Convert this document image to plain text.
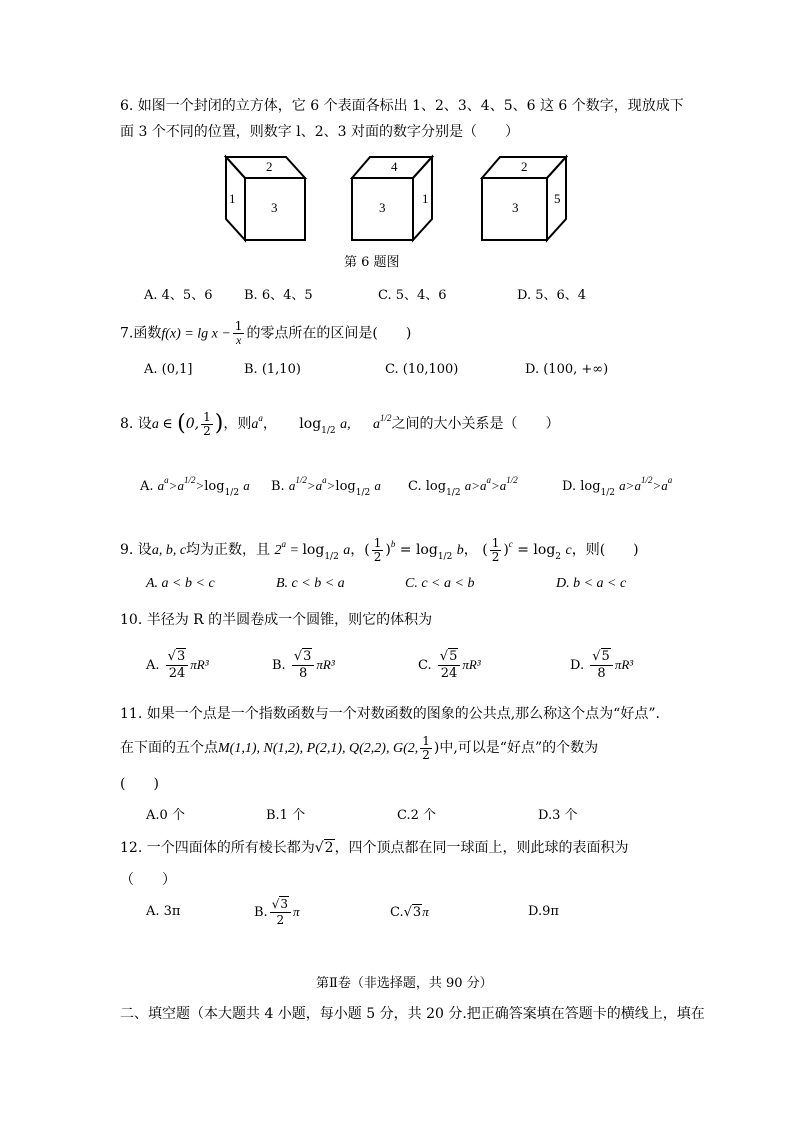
6. 如图一个封闭的立方体，它 6 个表面各标出 1、2、3、4、5、6 这 6 个数字，现放成下
面 3 个不同的位置，则数字 l、2、3 对面的数字分别是（　　）
2
1
3
4
3
1
2
3
5
第 6 题图
A. 4、5、6 B. 6、4、5	C. 5、4、6	D. 5、6、4
7.函数$f(x) = \lg x - \frac{1}{x}$ 的零点所在的区间是(　　)
A. (0,1]	B. (1,10)	C. (10,100)	D. (100, +∞)
8. 设a ∈ (0, $\frac{1}{2}$ )，则$a^a$， $\log_{1/2} a$, $a^{1/2}$之间的大小关系是（　　）
A. $a^a>a^{1/2}>\log_{1/2}$ a B. $a^{1/2}>a^a>\log_{1/2}$ a C. $\log_{1/2} a>a^a>a^{1/2}$	D. $\log_{1/2} a>a^{1/2}>a^a$
9. 设a, b, c均为正数，且 $2^a = \log_{1/2} a$，( $\frac{1}{2} )^b = \log_{1/2} b$， ( $\frac{1}{2} )^c = \log_2 c$，则(　　)
A. a < b < c	B. c < b < a	C. c < a < b	D. b < a < c
10. 半径为 R 的半圆卷成一个圆锥，则它的体积为
A. $\frac{√3}{24} \pi R^3$	B. $\frac{√3}{8} \pi R^3$	C. $\frac{√5}{24} \pi R^3$	D. $\frac{√5}{8} \pi R^3$
11. 如果一个点是一个指数函数与一个对数函数的图象的公共点,那么称这个点为“好点”.
在下面的五个点M(1,1), N(1,2), P(2,1), Q(2,2), G(2, $\frac{1}{2}$ )中,可以是“好点”的个数为
(　　)
A.0 个	B.1 个	C.2 个	D.3 个
12. 一个四面体的所有棱长都为√2，四个顶点都在同一球面上，则此球的表面积为
（　　）
A. 3π	B. $\frac{√3}{2}$ π	C.√3π	D.9π
第Ⅱ卷（非选择题，共 90 分）
二、填空题（本大题共 4 小题，每小题 5 分，共 20 分.把正确答案填在答题卡的横线上，填在
